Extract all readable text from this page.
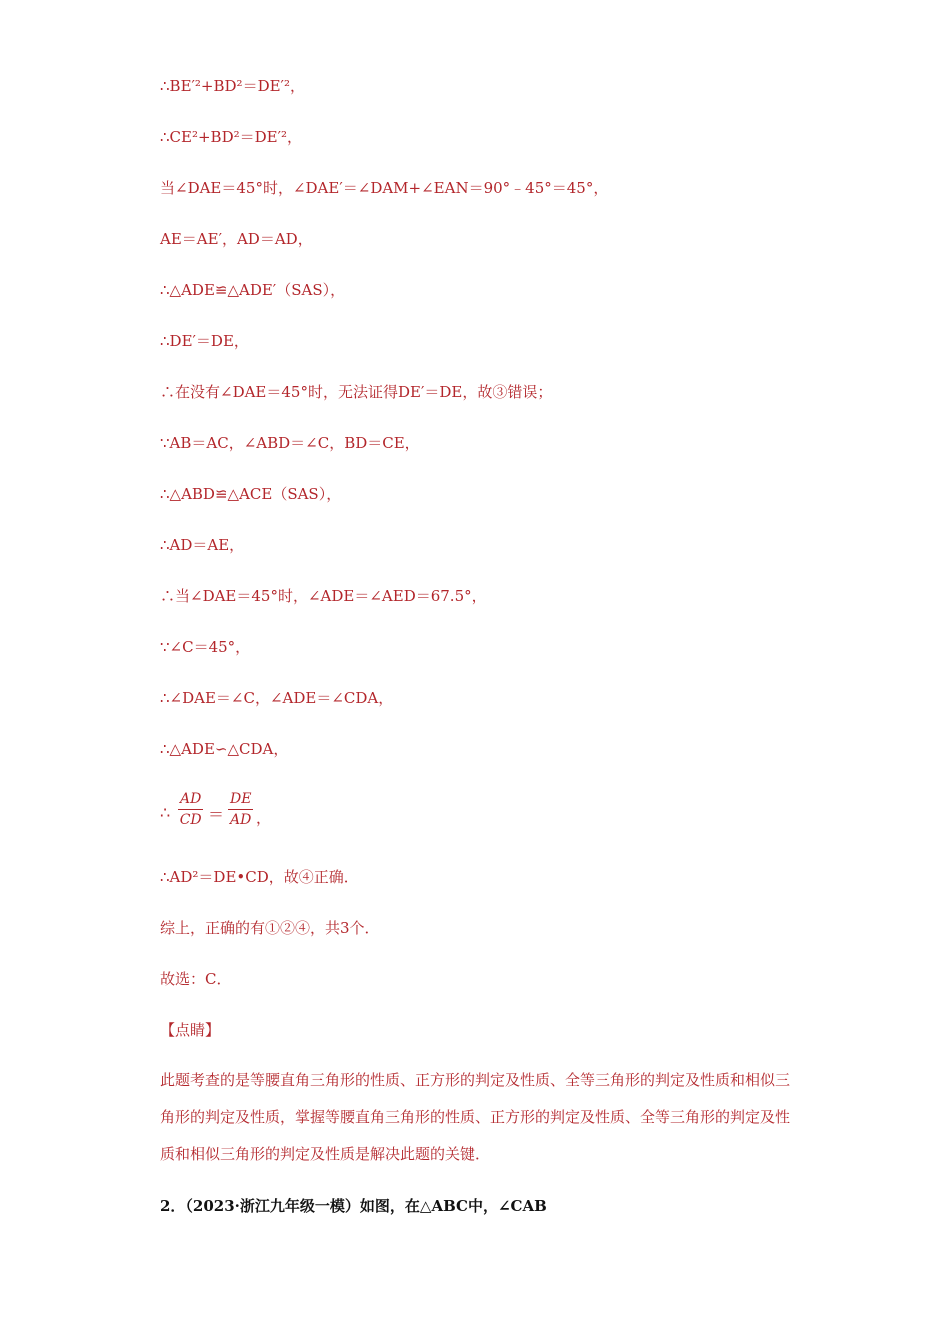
∴BE′²+BD²＝DE′²，
∴CE²+BD²＝DE′²，
当∠DAE＝45°时，∠DAE′＝∠DAM+∠EAN＝90°﹣45°＝45°，
AE＝AE′，AD＝AD，
∴△ADE≌△ADE′（SAS），
∴DE′＝DE，
∴在没有∠DAE＝45°时，无法证得DE′＝DE，故③错误；
∵AB＝AC，∠ABD＝∠C，BD＝CE，
∴△ABD≌△ACE（SAS），
∴AD＝AE，
∴当∠DAE＝45°时，∠ADE＝∠AED＝67.5°，
∵∠C＝45°，
∴∠DAE＝∠C，∠ADE＝∠CDA，
∴△ADE∽△CDA，
∴ $\frac{AD}{CD} = \frac{DE}{AD}$ ，
∴AD²＝DE•CD，故④正确．
综上，正确的有①②④，共3个．
故选：C．
【点睛】
此题考查的是等腰直角三角形的性质、正方形的判定及性质、全等三角形的判定及性质和相似三角形的判定及性质，掌握等腰直角三角形的性质、正方形的判定及性质、全等三角形的判定及性质和相似三角形的判定及性质是解决此题的关键．
2．（2023·浙江九年级一模）如图，在△ABC中，∠CAB
